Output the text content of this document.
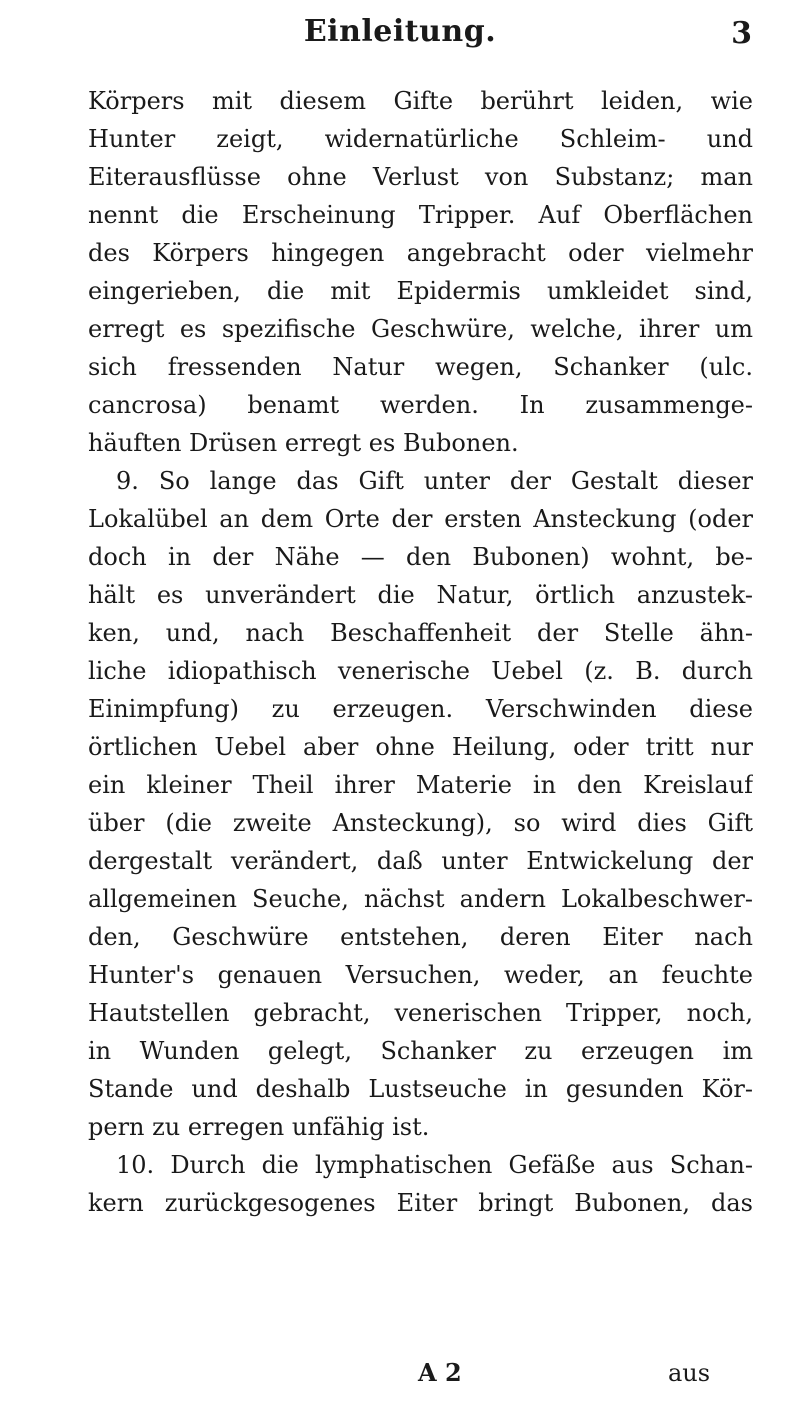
Einleitung.	3
Körpers mit diesem Gifte berührt leiden, wie
Hunter zeigt, widernatürliche Schleim- und
Eiterausflüsse ohne Verlust von Substanz; man
nennt die Erscheinung Tripper. Auf Oberflächen
des Körpers hingegen angebracht oder vielmehr
eingerieben, die mit Epidermis umkleidet sind,
erregt es spezifische Geschwüre, welche, ihrer um
sich fressenden Natur wegen, Schanker (ulc.
cancrosa) benamt werden. In zusammenge-
häuften Drüsen erregt es Bubonen.
9. So lange das Gift unter der Gestalt dieser
Lokalübel an dem Orte der ersten Ansteckung (oder
doch in der Nähe — den Bubonen) wohnt, be-
hält es unverändert die Natur, örtlich anzustek-
ken, und, nach Beschaffenheit der Stelle ähn-
liche idiopathisch venerische Uebel (z. B. durch
Einimpfung) zu erzeugen. Verschwinden diese
örtlichen Uebel aber ohne Heilung, oder tritt nur
ein kleiner Theil ihrer Materie in den Kreislauf
über (die zweite Ansteckung), so wird dies Gift
dergestalt verändert, daß unter Entwickelung der
allgemeinen Seuche, nächst andern Lokalbeschwer-
den, Geschwüre entstehen, deren Eiter nach
Hunter's genauen Versuchen, weder, an feuchte
Hautstellen gebracht, venerischen Tripper, noch,
in Wunden gelegt, Schanker zu erzeugen im
Stande und deshalb Lustseuche in gesunden Kör-
pern zu erregen unfähig ist.
10. Durch die lymphatischen Gefäße aus Schan-
kern zurückgesogenes Eiter bringt Bubonen, das
A 2	aus
